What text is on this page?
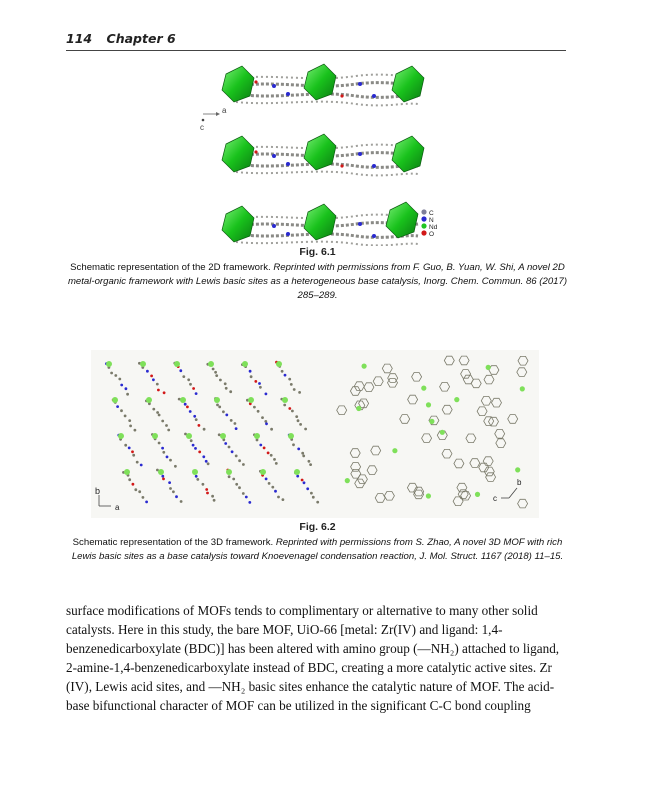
114 Chapter 6
a
c
C
N
Nd
O
Fig. 6.1
Schematic representation of the 2D framework. Reprinted with permissions from F. Guo, B. Yuan, W. Shi, A novel 2D metal-organic framework with Lewis basic sites as a heterogeneous base catalysis, Inorg. Chem. Commun. 86 (2017) 285–289.
b
a
b
c
Fig. 6.2
Schematic representation of the 3D framework. Reprinted with permissions from S. Zhao, A novel 3D MOF with rich Lewis basic sites as a base catalysis toward Knoevenagel condensation reaction, J. Mol. Struct. 1167 (2018) 11–15.

surface modifications of MOFs tends to complimentary or alternative to many other solid catalysts. Here in this study, the bare MOF, UiO-66 [metal: Zr(IV) and ligand: 1,4-benzenedicarboxylate (BDC)] has been altered with amino group (—NH₂) attached to ligand, 2-amine-1,4-benzenedicarboxylate instead of BDC, creating a more catalytic active sites. Zr (IV), Lewis acid sites, and —NH₂ basic sites enhance the catalytic nature of MOF. The acid-base bifunctional character of MOF can be utilized in the significant C-C bond coupling
